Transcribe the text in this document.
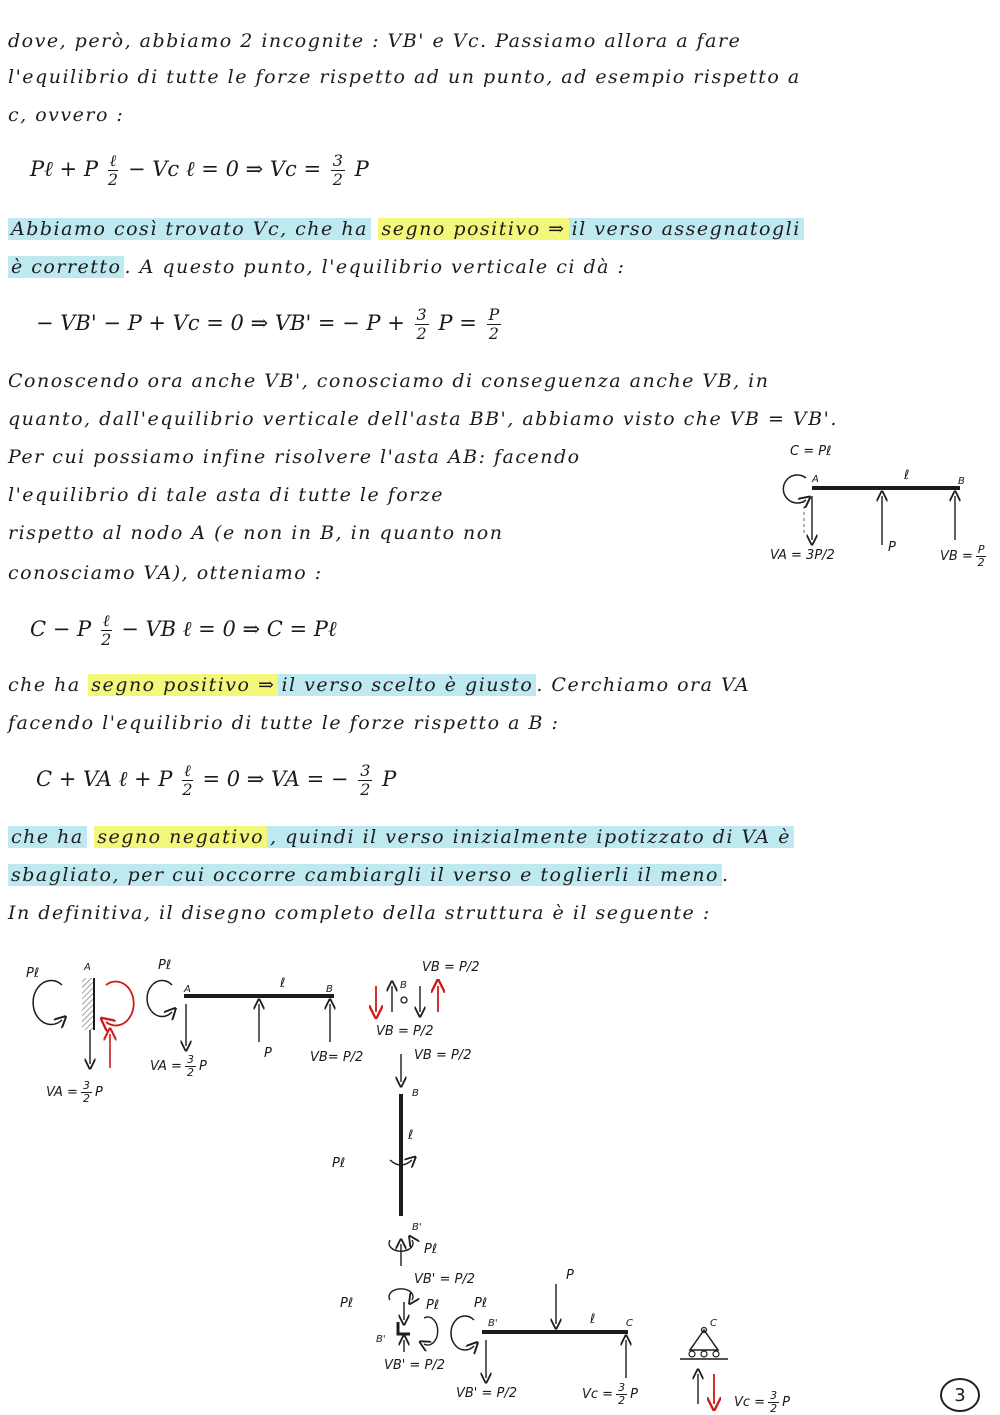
dove, però, abbiamo 2 incognite : VB' e Vc. Passiamo allora a fare
l'equilibrio di tutte le forze rispetto ad un punto, ad esempio rispetto a
c, ovvero :
Pℓ + P $\frac{\text{ℓ}}{2} - Vc$ ℓ = 0 ⇒ $Vc = \frac{3}{2}$ P
Abbiamo così trovato Vc, che ha segno positivo ⇒ il verso assegnatogli
è corretto . A questo punto, l'equilibrio verticale ci dà :
− VB' − P + Vc = 0 ⇒ VB' = − $P + \frac{3}{2}$ $P = \frac{P}{2}$
Conoscendo ora anche VB', conosciamo di conseguenza anche VB, in
quanto, dall'equilibrio verticale dell'asta BB', abbiamo visto che VB = VB'.
Per cui possiamo infine risolvere l'asta AB: facendo
l'equilibrio di tale asta di tutte le forze
rispetto al nodo A (e non in B, in quanto non
conosciamo VA), otteniamo :
C − P $\frac{\text{ℓ}}{2}$ − VB ℓ = 0 ⇒ C = Pℓ
che ha segno positivo ⇒ il verso scelto è giusto . Cerchiamo ora VA
facendo l'equilibrio di tutte le forze rispetto a B :
C + VA ℓ + P $\frac{\text{ℓ}}{2} = 0$ ⇒ VA = − $\frac{3}{2}$ P
che ha segno negativo , quindi il verso inizialmente ipotizzato di VA è
sbagliato, per cui occorre cambiargli il verso e toglierli il meno .
In definitiva, il disegno completo della struttura è il seguente :
C = Pℓ
A	ℓ	B
VA = 3P/2
P
VB = $\frac{P}{2}$
Pℓ	A	Pℓ
A	ℓ	B
VA = $\frac{3}{2}$ P
VA = $\frac{3}{2}$ P
P	VB= P/2
VB = P/2
B
VB = P/2
VB = P/2
B
ℓ
Pℓ
B'
Pℓ
VB' = P/2
Pℓ	Pℓ	Pℓ
B'
VB' = P/2
P
B'	ℓ	C
VB' = P/2	$Vc = \frac{3}{2}$ P
C
$Vc = \frac{3}{2}$ P	3
